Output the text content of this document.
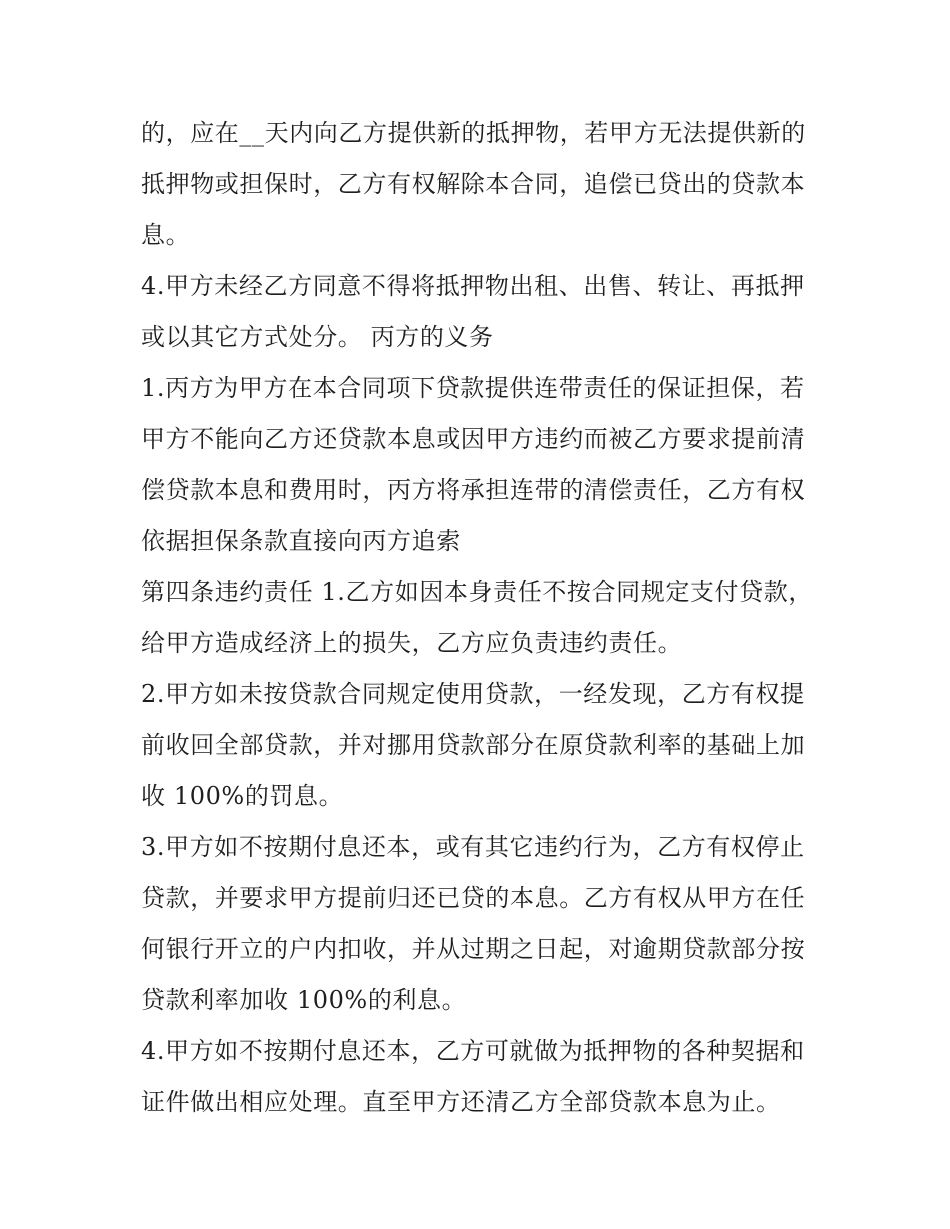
的，应在__天内向乙方提供新的抵押物，若甲方无法提供新的抵押物或担保时，乙方有权解除本合同，追偿已贷出的贷款本息。

4.甲方未经乙方同意不得将抵押物出租、出售、转让、再抵押或以其它方式处分。 丙方的义务

1.丙方为甲方在本合同项下贷款提供连带责任的保证担保，若甲方不能向乙方还贷款本息或因甲方违约而被乙方要求提前清偿贷款本息和费用时，丙方将承担连带的清偿责任，乙方有权依据担保条款直接向丙方追索

第四条违约责任 1.乙方如因本身责任不按合同规定支付贷款，给甲方造成经济上的损失，乙方应负责违约责任。

2.甲方如未按贷款合同规定使用贷款，一经发现，乙方有权提前收回全部贷款，并对挪用贷款部分在原贷款利率的基础上加收 100%的罚息。

3.甲方如不按期付息还本，或有其它违约行为，乙方有权停止贷款，并要求甲方提前归还已贷的本息。乙方有权从甲方在任何银行开立的户内扣收，并从过期之日起，对逾期贷款部分按贷款利率加收 100%的利息。

4.甲方如不按期付息还本，乙方可就做为抵押物的各种契据和证件做出相应处理。直至甲方还清乙方全部贷款本息为止。
